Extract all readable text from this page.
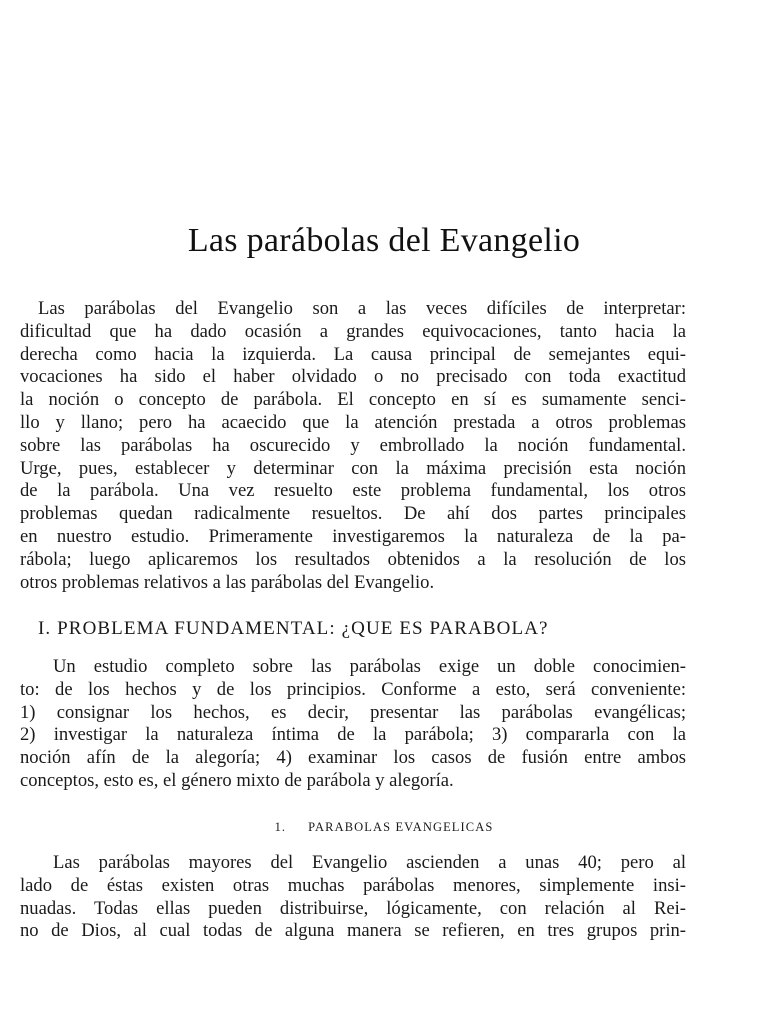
Las parábolas del Evangelio
Las parábolas del Evangelio son a las veces difíciles de interpretar:
dificultad que ha dado ocasión a grandes equivocaciones, tanto hacia la
derecha como hacia la izquierda. La causa principal de semejantes equi-
vocaciones ha sido el haber olvidado o no precisado con toda exactitud
la noción o concepto de parábola. El concepto en sí es sumamente senci-
llo y llano; pero ha acaecido que la atención prestada a otros problemas
sobre las parábolas ha oscurecido y embrollado la noción fundamental.
Urge, pues, establecer y determinar con la máxima precisión esta noción
de la parábola. Una vez resuelto este problema fundamental, los otros
problemas quedan radicalmente resueltos. De ahí dos partes principales
en nuestro estudio. Primeramente investigaremos la naturaleza de la pa-
rábola; luego aplicaremos los resultados obtenidos a la resolución de los
otros problemas relativos a las parábolas del Evangelio.
I. PROBLEMA FUNDAMENTAL: ¿QUE ES PARABOLA?
Un estudio completo sobre las parábolas exige un doble conocimien-
to: de los hechos y de los principios. Conforme a esto, será conveniente:
1) consignar los hechos, es decir, presentar las parábolas evangélicas;
2) investigar la naturaleza íntima de la parábola; 3) compararla con la
noción afín de la alegoría; 4) examinar los casos de fusión entre ambos
conceptos, esto es, el género mixto de parábola y alegoría.
1. PARABOLAS EVANGELICAS
Las parábolas mayores del Evangelio ascienden a unas 40; pero al
lado de éstas existen otras muchas parábolas menores, simplemente insi-
nuadas. Todas ellas pueden distribuirse, lógicamente, con relación al Rei-
no de Dios, al cual todas de alguna manera se refieren, en tres grupos prin-
